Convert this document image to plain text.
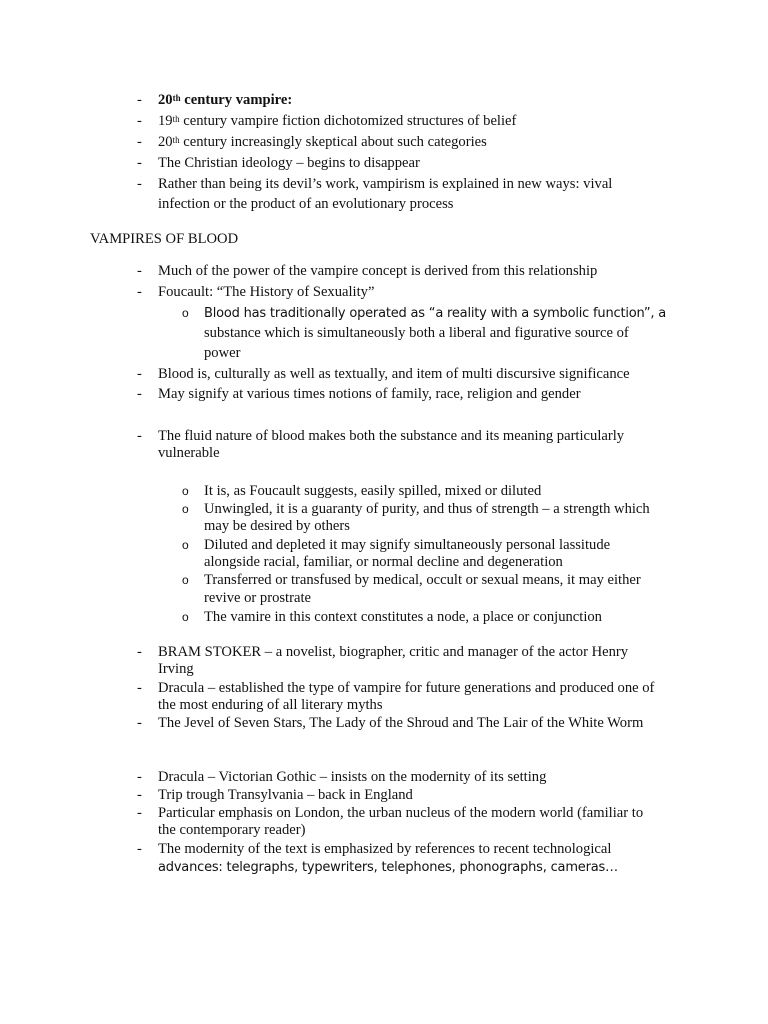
- 20th century vampire:
- 19th century vampire fiction dichotomized structures of belief
- 20th century increasingly skeptical about such categories
- The Christian ideology – begins to disappear
- Rather than being its devil’s work, vampirism is explained in new ways: vival
infection or the product of an evolutionary process
VAMPIRES OF BLOOD
- Much of the power of the vampire concept is derived from this relationship
- Foucault: “The History of Sexuality”
o Blood has traditionally operated as “a reality with a symbolic function”, a
substance which is simultaneously both a liberal and figurative source of
power
- Blood is, culturally as well as textually, and item of multi discursive significance
- May signify at various times notions of family, race, religion and gender
- The fluid nature of blood makes both the substance and its meaning particularly
vulnerable
o It is, as Foucault suggests, easily spilled, mixed or diluted
o Unwingled, it is a guaranty of purity, and thus of strength – a strength which
may be desired by others
o Diluted and depleted it may signify simultaneously personal lassitude
alongside racial, familiar, or normal decline and degeneration
o Transferred or transfused by medical, occult or sexual means, it may either
revive or prostrate
o The vamire in this context constitutes a node, a place or conjunction
- BRAM STOKER – a novelist, biographer, critic and manager of the actor Henry
Irving
- Dracula – established the type of vampire for future generations and produced one of
the most enduring of all literary myths
- The Jevel of Seven Stars, The Lady of the Shroud and The Lair of the White Worm
- Dracula – Victorian Gothic – insists on the modernity of its setting
- Trip trough Transylvania – back in England
- Particular emphasis on London, the urban nucleus of the modern world (familiar to
the contemporary reader)
- The modernity of the text is emphasized by references to recent technological
advances: telegraphs, typewriters, telephones, phonographs, cameras…
